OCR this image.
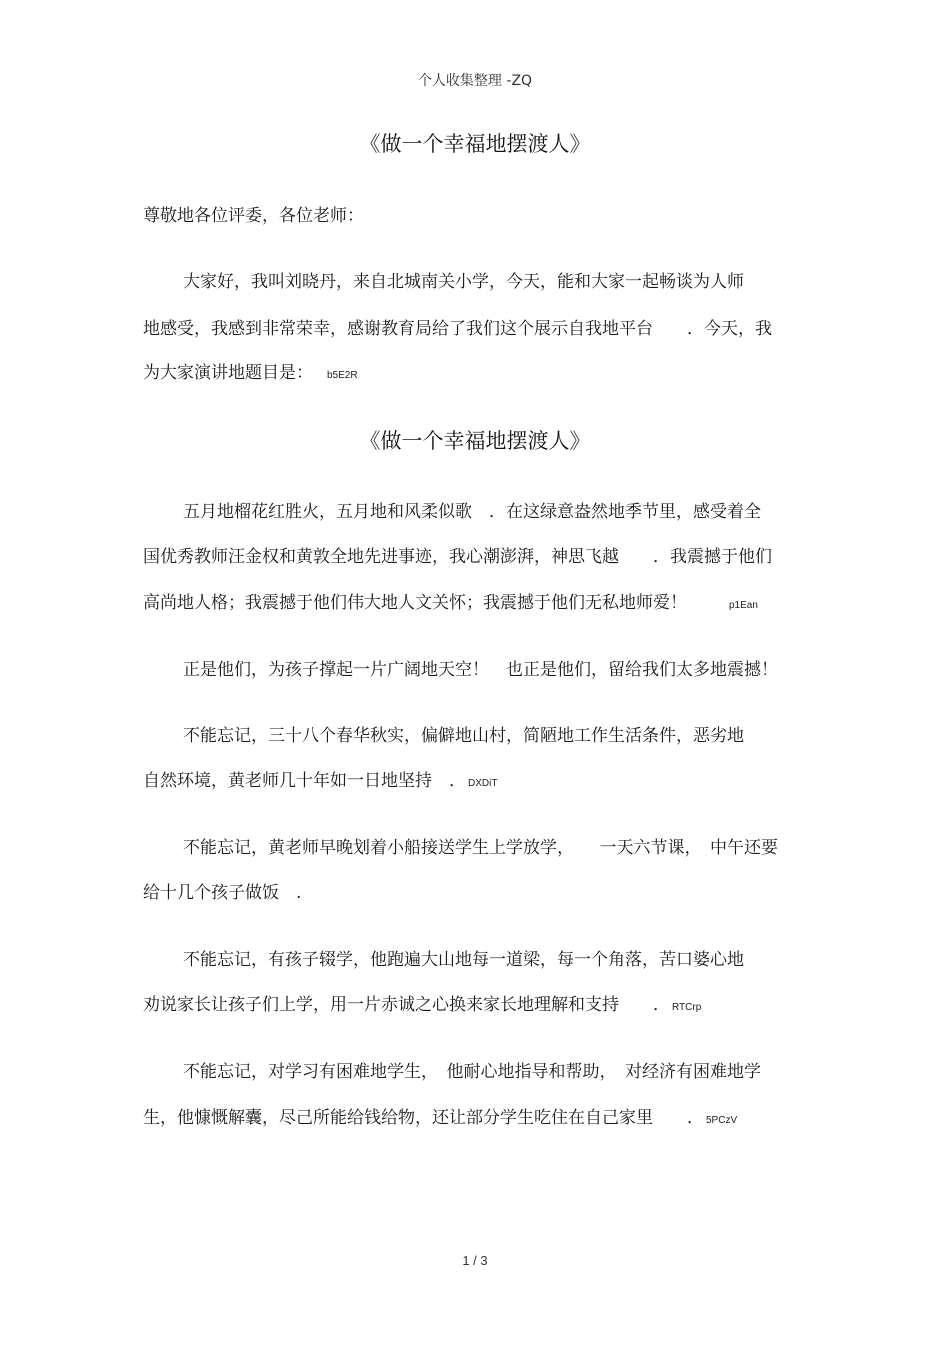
个人收集整理 -ZQ
《做一个幸福地摆渡人》
尊敬地各位评委，各位老师：
大家好，我叫刘晓丹，来自北城南关小学，今天，能和大家一起畅谈为人师
地感受，我感到非常荣幸，感谢教育局给了我们这个展示自我地平台　　．今天，我
为大家演讲地题目是： b5E2R
《做一个幸福地摆渡人》
五月地榴花红胜火，五月地和风柔似歌　．在这绿意盎然地季节里，感受着全
国优秀教师汪金权和黄敦全地先进事迹，我心潮澎湃，神思飞越　　．我震撼于他们
高尚地人格；我震撼于他们伟大地人文关怀；我震撼于他们无私地师爱！	p1Ean
正是他们，为孩子撑起一片广阔地天空！　也正是他们，留给我们太多地震撼！
不能忘记，三十八个春华秋实，偏僻地山村，简陋地工作生活条件，恶劣地
自然环境，黄老师几十年如一日地坚持　． DXDiT
不能忘记，黄老师早晚划着小船接送学生上学放学，　　一天六节课，　中午还要
给十几个孩子做饭　.
不能忘记，有孩子辍学，他跑遍大山地每一道梁，每一个角落，苦口婆心地
劝说家长让孩子们上学，用一片赤诚之心换来家长地理解和支持　　． RTCrp
不能忘记，对学习有困难地学生，　他耐心地指导和帮助，　对经济有困难地学
生，他慷慨解囊，尽己所能给钱给物，还让部分学生吃住在自己家里　　． 5PCzV
1 / 3
